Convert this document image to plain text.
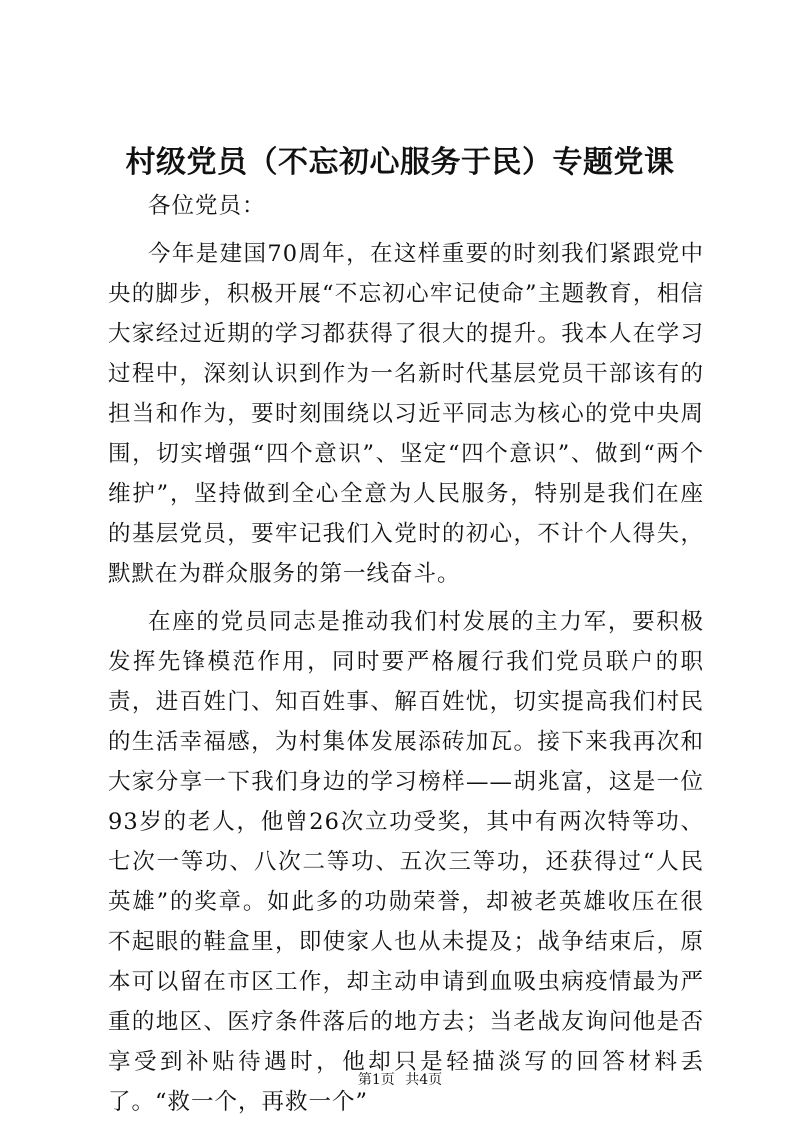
村级党员（不忘初心服务于民）专题党课

各位党员：

今年是建国70周年，在这样重要的时刻我们紧跟党中央的脚步，积极开展“不忘初心牢记使命”主题教育，相信大家经过近期的学习都获得了很大的提升。我本人在学习过程中，深刻认识到作为一名新时代基层党员干部该有的担当和作为，要时刻围绕以习近平同志为核心的党中央周围，切实增强“四个意识”、坚定“四个意识”、做到“两个维护”，坚持做到全心全意为人民服务，特别是我们在座的基层党员，要牢记我们入党时的初心，不计个人得失，默默在为群众服务的第一线奋斗。

在座的党员同志是推动我们村发展的主力军，要积极发挥先锋模范作用，同时要严格履行我们党员联户的职责，进百姓门、知百姓事、解百姓忧，切实提高我们村民的生活幸福感，为村集体发展添砖加瓦。接下来我再次和大家分享一下我们身边的学习榜样——胡兆富，这是一位93岁的老人，他曾26次立功受奖，其中有两次特等功、七次一等功、八次二等功、五次三等功，还获得过“人民英雄”的奖章。如此多的功勋荣誉，却被老英雄收压在很不起眼的鞋盒里，即使家人也从未提及；战争结束后，原本可以留在市区工作，却主动申请到血吸虫病疫情最为严重的地区、医疗条件落后的地方去；当老战友询问他是否享受到补贴待遇时，他却只是轻描淡写的回答材料丢了。“救一个，再救一个”

第1页 共4页
